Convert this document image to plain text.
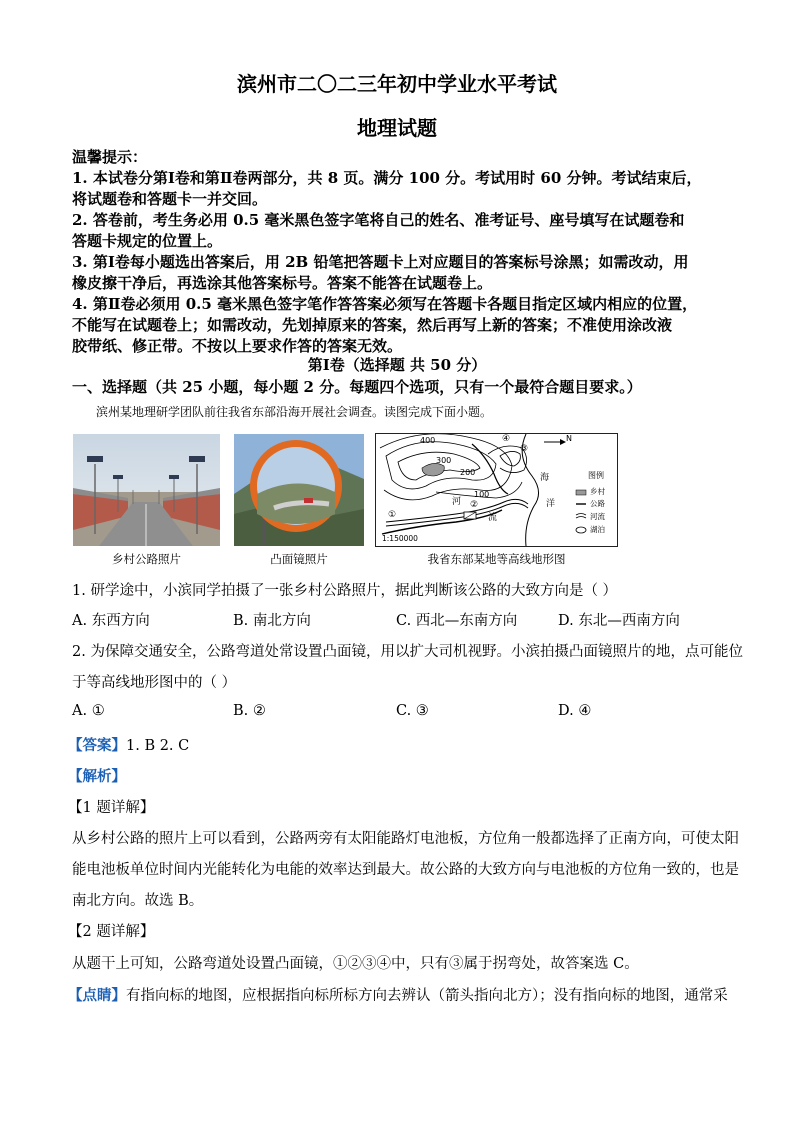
滨州市二〇二三年初中学业水平考试
地理试题
温馨提示：
1. 本试卷分第Ⅰ卷和第Ⅱ卷两部分，共 8 页。满分 100 分。考试用时 60 分钟。考试结束后，
将试题卷和答题卡一并交回。
2. 答卷前，考生务必用 0.5 毫米黑色签字笔将自己的姓名、准考证号、座号填写在试题卷和
答题卡规定的位置上。
3. 第Ⅰ卷每小题选出答案后，用 2B 铅笔把答题卡上对应题目的答案标号涂黑；如需改动，用
橡皮擦干净后，再选涂其他答案标号。答案不能答在试题卷上。
4. 第Ⅱ卷必须用 0.5 毫米黑色签字笔作答答案必须写在答题卡各题目指定区域内相应的位置，
不能写在试题卷上；如需改动，先划掉原来的答案，然后再写上新的答案；不准使用涂改液
胶带纸、修正带。不按以上要求作答的答案无效。
第Ⅰ卷（选择题 共 50 分）
一、选择题（共 25 小题，每小题 2 分。每题四个选项，只有一个最符合题目要求。）
滨州某地理研学团队前往我省东部沿海开展社会调查。读图完成下面小题。
乡村公路照片	凸面镜照片
400
300
200
100
河
流
海
洋
N
1:150000
①
②
③
④
图例
乡村
公路
河流
湖泊
我省东部某地等高线地形图
1. 研学途中，小滨同学拍摄了一张乡村公路照片，据此判断该公路的大致方向是（ ）
A. 东西方向	B. 南北方向	C. 西北—东南方向	D. 东北—西南方向
2. 为保障交通安全，公路弯道处常设置凸面镜，用以扩大司机视野。小滨拍摄凸面镜照片的地，点可能位
于等高线地形图中的（ ）
A. ①	B. ②	C. ③	D. ④
【答案】1. B 2. C
【解析】
【1 题详解】
从乡村公路的照片上可以看到，公路两旁有太阳能路灯电池板，方位角一般都选择了正南方向，可使太阳
能电池板单位时间内光能转化为电能的效率达到最大。故公路的大致方向与电池板的方位角一致的，也是
南北方向。故选 B。
【2 题详解】
从题干上可知，公路弯道处设置凸面镜，①②③④中，只有③属于拐弯处，故答案选 C。
【点睛】有指向标的地图，应根据指向标所标方向去辨认（箭头指向北方）；没有指向标的地图，通常采
